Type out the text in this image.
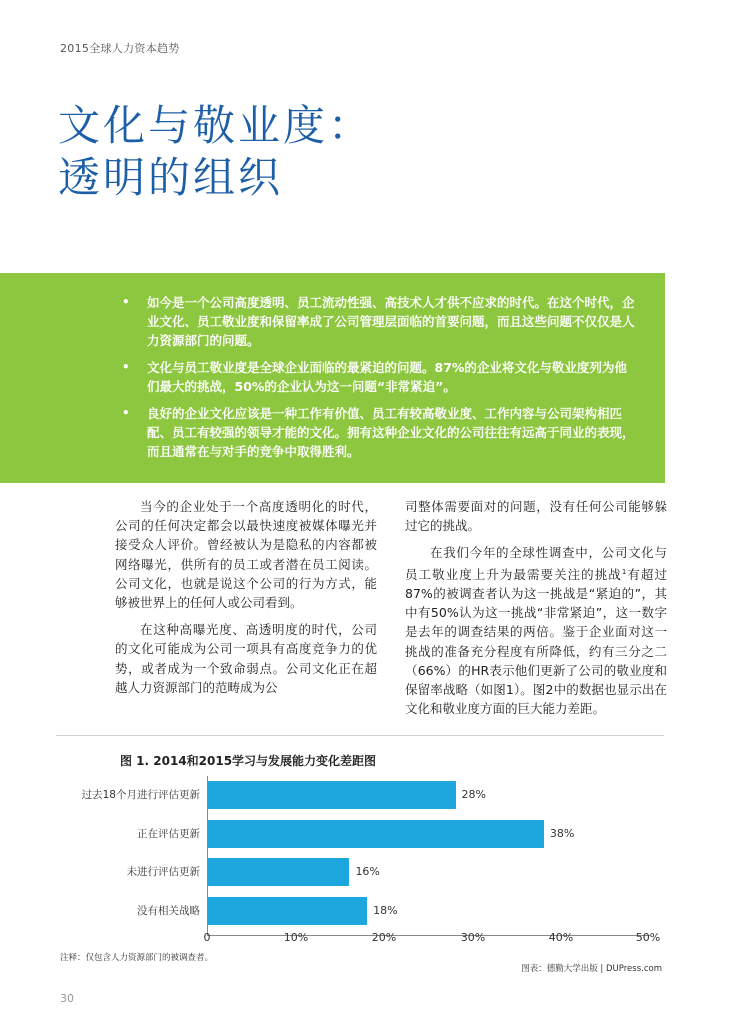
2015全球人力资本趋势
文化与敬业度：
透明的组织
• 如今是一个公司高度透明、员工流动性强、高技术人才供不应求的时代。在这个时代，企业文化、员工敬业度和保留率成了公司管理层面临的首要问题，而且这些问题不仅仅是人力资源部门的问题。
• 文化与员工敬业度是全球企业面临的最紧迫的问题。87%的企业将文化与敬业度列为他们最大的挑战，50%的企业认为这一问题“非常紧迫”。
• 良好的企业文化应该是一种工作有价值、员工有较高敬业度、工作内容与公司架构相匹配、员工有较强的领导才能的文化。拥有这种企业文化的公司往往有远高于同业的表现，而且通常在与对手的竞争中取得胜利。

当今的企业处于一个高度透明化的时代，公司的任何决定都会以最快速度被媒体曝光并接受众人评价。曾经被认为是隐私的内容都被网络曝光，供所有的员工或者潜在员工阅读。公司文化，也就是说这个公司的行为方式，能够被世界上的任何人或公司看到。

在这种高曝光度、高透明度的时代，公司的文化可能成为公司一项具有高度竞争力的优势，或者成为一个致命弱点。公司文化正在超越人力资源部门的范畴成为公

司整体需要面对的问题，没有任何公司能够躲过它的挑战。

在我们今年的全球性调查中，公司文化与员工敬业度上升为最需要关注的挑战$^1$有超过87%的被调查者认为这一挑战是“紧迫的”，其中有50%认为这一挑战“非常紧迫”，这一数字是去年的调查结果的两倍。鉴于企业面对这一挑战的准备充分程度有所降低，约有三分之二（66%）的HR表示他们更新了公司的敬业度和保留率战略（如图1）。图2中的数据也显示出在文化和敬业度方面的巨大能力差距。

图 1. 2014和2015学习与发展能力变化差距图
过去18个月进行评估更新	28%
正在评估更新	38%
未进行评估更新	16%
没有相关战略	18%
0	10%	20%	30%	40%	50%
注释：仅包含人力资源部门的被调查者。
图表：德勤大学出版 | DUPress.com
30
